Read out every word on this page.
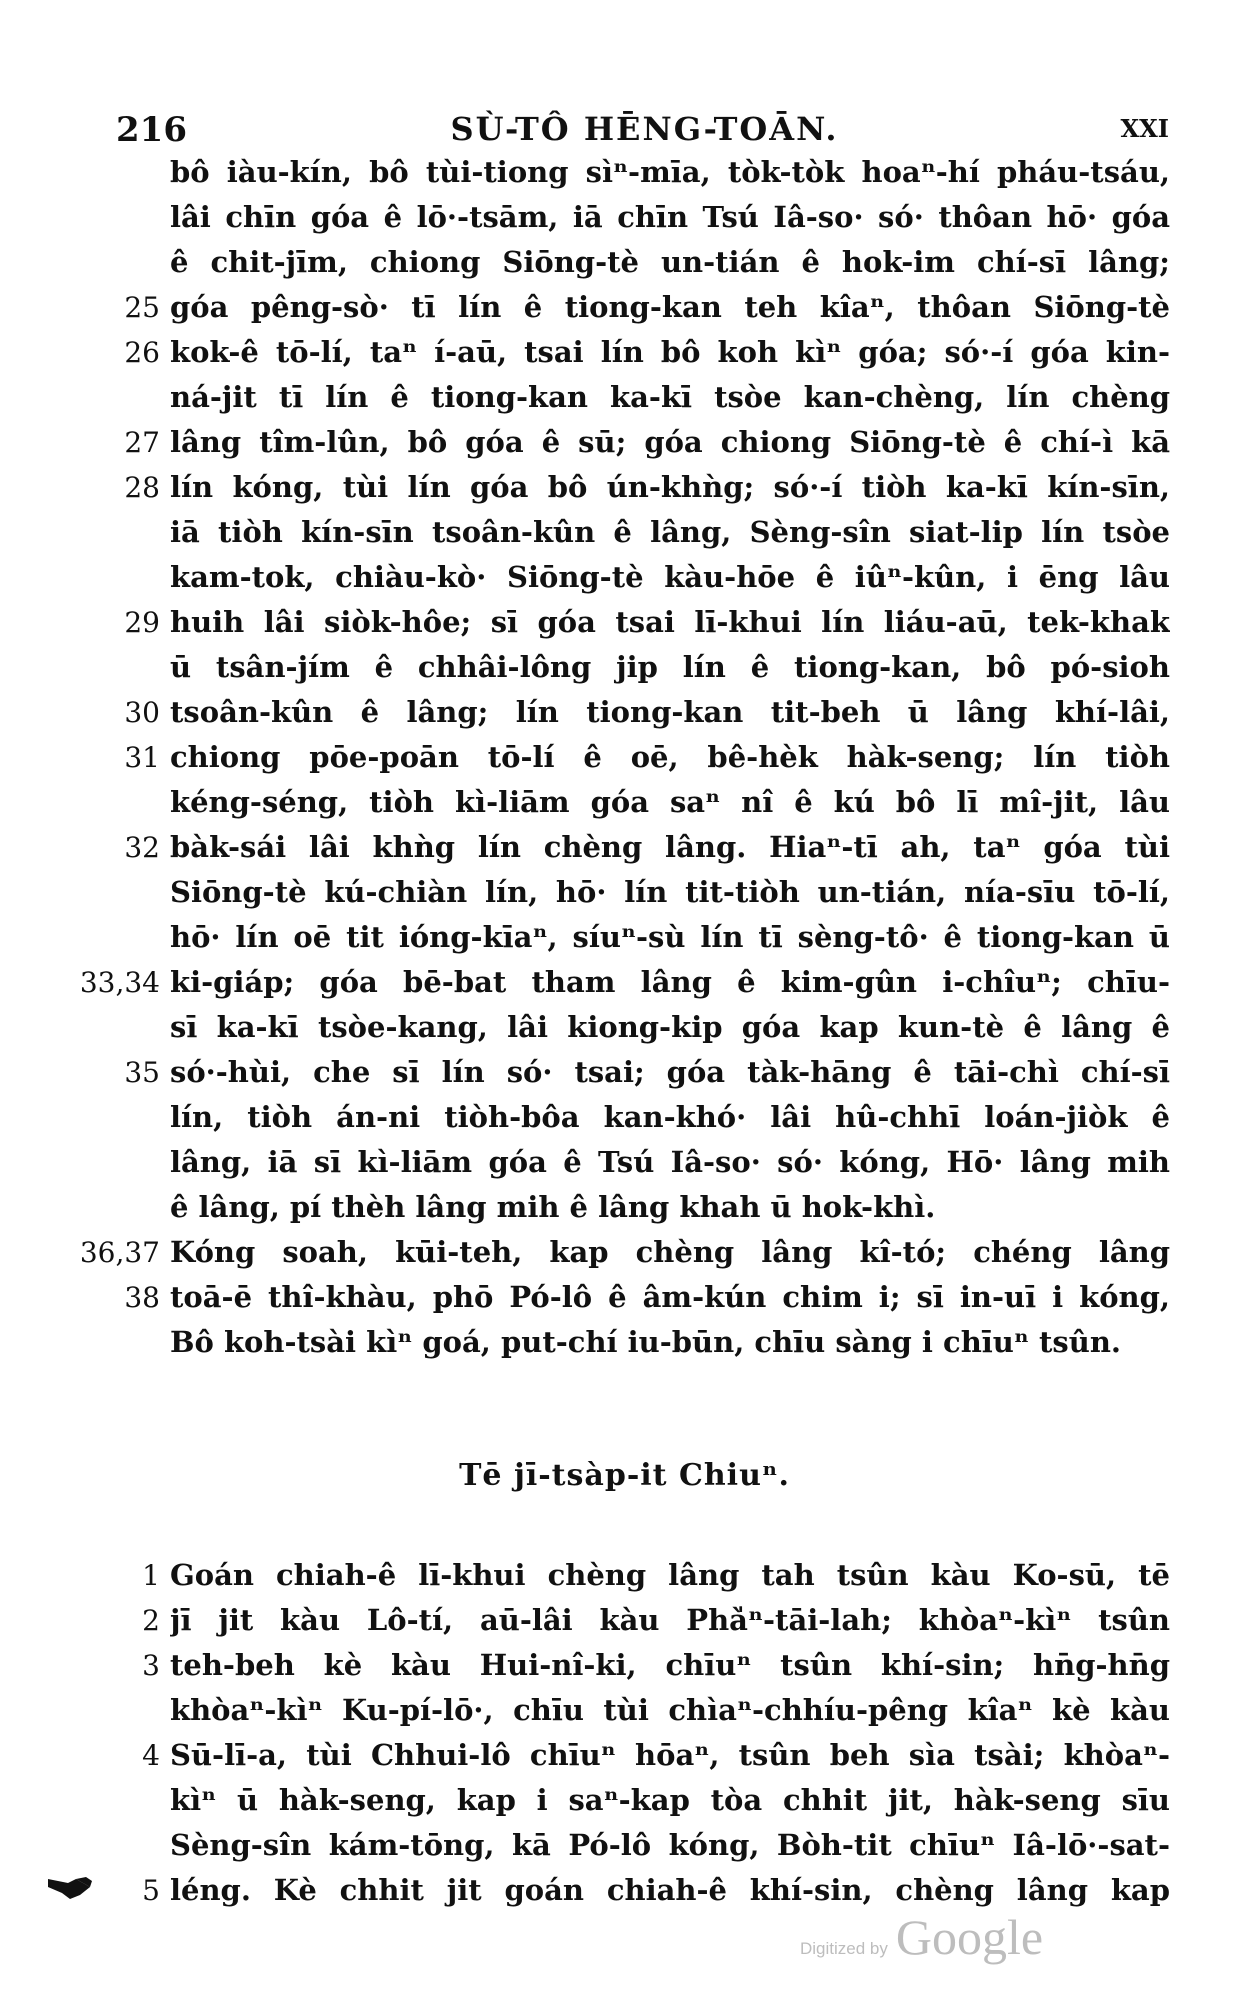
216	SÙ-TÔ HĒNG-TOĀN.	XXI
bô iàu-kín, bô tùi-tiong sìⁿ-mīa, tòk-tòk hoaⁿ-hí pháu-tsáu,
lâi chīn góa ê lō·-tsām, iā chīn Tsú Iâ-so· só· thôan hō· góa
ê chit-jīm, chiong Siōng-tè un-tián ê hok-im chí-sī lâng;
25 góa pêng-sò· tī lín ê tiong-kan teh kîaⁿ, thôan Siōng-tè
26 kok-ê tō-lí, taⁿ í-aū, tsai lín bô koh kìⁿ góa; só·-í góa kin-
ná-jit tī lín ê tiong-kan ka-kī tsòe kan-chèng, lín chèng
27 lâng tîm-lûn, bô góa ê sū; góa chiong Siōng-tè ê chí-ì kā
28 lín kóng, tùi lín góa bô ún-khǹg; só·-í tiòh ka-kī kín-sīn,
iā tiòh kín-sīn tsoân-kûn ê lâng, Sèng-sîn siat-lip lín tsòe
kam-tok, chiàu-kò· Siōng-tè kàu-hōe ê iûⁿ-kûn, i ēng lâu
29 huih lâi siòk-hôe; sī góa tsai lī-khui lín liáu-aū, tek-khak
ū tsân-jím ê chhâi-lông jip lín ê tiong-kan, bô pó-sioh
30 tsoân-kûn ê lâng; lín tiong-kan tit-beh ū lâng khí-lâi,
31 chiong pōe-poān tō-lí ê oē, bê-hèk hàk-seng; lín tiòh
kéng-séng, tiòh kì-liām góa saⁿ nî ê kú bô lī mî-jit, lâu
32 bàk-sái lâi khǹg lín chèng lâng. Hiaⁿ-tī ah, taⁿ góa tùi
Siōng-tè kú-chiàn lín, hō· lín tit-tiòh un-tián, nía-sīu tō-lí,
hō· lín oē tit ióng-kīaⁿ, síuⁿ-sù lín tī sèng-tô· ê tiong-kan ū
33,34 ki-giáp; góa bē-bat tham lâng ê kim-gûn i-chîuⁿ; chīu-
sī ka-kī tsòe-kang, lâi kiong-kip góa kap kun-tè ê lâng ê
35 só·-hùi, che sī lín só· tsai; góa tàk-hāng ê tāi-chì chí-sī
lín, tiòh án-ni tiòh-bôa kan-khó· lâi hû-chhī loán-jiòk ê
lâng, iā sī kì-liām góa ê Tsú Iâ-so· só· kóng, Hō· lâng mih
ê lâng, pí thèh lâng mih ê lâng khah ū hok-khì.
36,37 Kóng soah, kūi-teh, kap chèng lâng kî-tó; chéng lâng
38 toā-ē thî-khàu, phō Pó-lô ê âm-kún chim i; sī in-uī i kóng,
Bô koh-tsài kìⁿ goá, put-chí iu-būn, chīu sàng i chīuⁿ tsûn.
Tē jī-tsàp-it Chiuⁿ.
1 Goán chiah-ê lī-khui chèng lâng tah tsûn kàu Ko-sū, tē
2 jī jit kàu Lô-tí, aū-lâi kàu Phà̍ⁿ-tāi-lah; khòaⁿ-kìⁿ tsûn
3 teh-beh kè kàu Hui-nî-ki, chīuⁿ tsûn khí-sin; hn̄g-hn̄g
khòaⁿ-kìⁿ Ku-pí-lō·, chīu tùi chìaⁿ-chhíu-pêng kîaⁿ kè kàu
4 Sū-lī-a, tùi Chhui-lô chīuⁿ hōaⁿ, tsûn beh sìa tsài; khòaⁿ-
kìⁿ ū hàk-seng, kap i saⁿ-kap tòa chhit jit, hàk-seng sīu
Sèng-sîn kám-tōng, kā Pó-lô kóng, Bòh-tit chīuⁿ Iâ-lō·-sat-
5 léng. Kè chhit jit goán chiah-ê khí-sin, chèng lâng kap
Digitized by Google
